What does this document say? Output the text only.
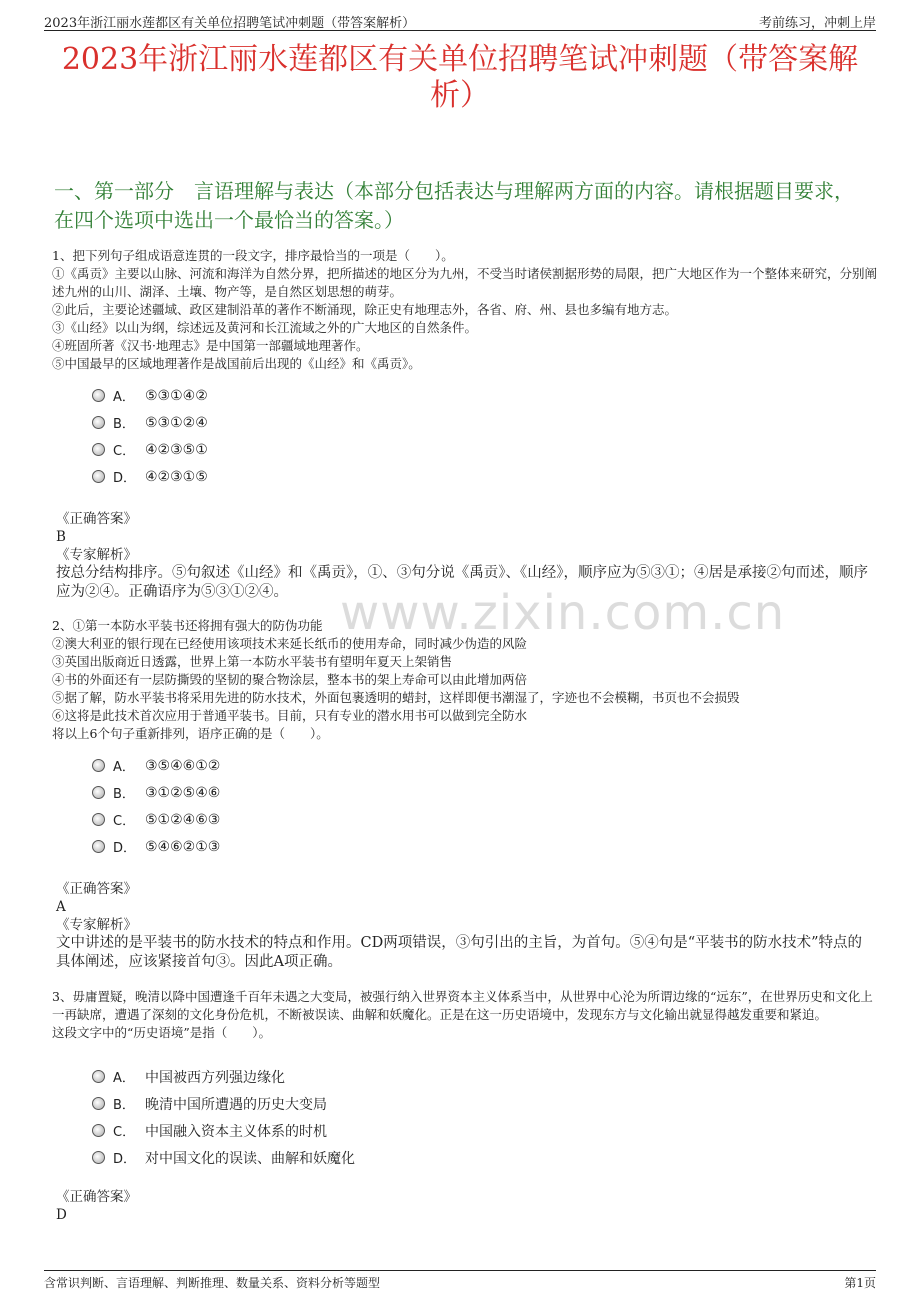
2023年浙江丽水莲都区有关单位招聘笔试冲刺题（带答案解析）	考前练习，冲刺上岸
2023年浙江丽水莲都区有关单位招聘笔试冲刺题（带答案解析）
一、第一部分　言语理解与表达（本部分包括表达与理解两方面的内容。请根据题目要求，在四个选项中选出一个最恰当的答案。）
www.zixin.com.cn

1、把下列句子组成语意连贯的一段文字，排序最恰当的一项是（　　）。

①《禹贡》主要以山脉、河流和海洋为自然分界，把所描述的地区分为九州，不受当时诸侯割据形势的局限，把广大地区作为一个整体来研究，分别阐述九州的山川、湖泽、土壤、物产等，是自然区划思想的萌芽。

②此后，主要论述疆域、政区建制沿革的著作不断涌现，除正史有地理志外，各省、府、州、县也多编有地方志。

③《山经》以山为纲，综述远及黄河和长江流域之外的广大地区的自然条件。

④班固所著《汉书·地理志》是中国第一部疆域地理著作。

⑤中国最早的区域地理著作是战国前后出现的《山经》和《禹贡》。

A． ⑤③①④②
B． ⑤③①②④
C． ④②③⑤①
D． ④②③①⑤

《正确答案》

B

《专家解析》

按总分结构排序。⑤句叙述《山经》和《禹贡》，①、③句分说《禹贡》、《山经》，顺序应为⑤③①；④居是承接②句而述，顺序应为②④。正确语序为⑤③①②④。

2、①第一本防水平装书还将拥有强大的防伪功能

②澳大利亚的银行现在已经使用该项技术来延长纸币的使用寿命，同时减少伪造的风险

③英国出版商近日透露，世界上第一本防水平装书有望明年夏天上架销售

④书的外面还有一层防撕毁的坚韧的聚合物涂层，整本书的架上寿命可以由此增加两倍

⑤据了解，防水平装书将采用先进的防水技术，外面包裹透明的蜡封，这样即便书潮湿了，字迹也不会模糊，书页也不会损毁

⑥这将是此技术首次应用于普通平装书。目前，只有专业的潜水用书可以做到完全防水

将以上6个句子重新排列，语序正确的是（　　）。

A． ③⑤④⑥①②
B． ③①②⑤④⑥
C． ⑤①②④⑥③
D． ⑤④⑥②①③

《正确答案》

A

《专家解析》

文中讲述的是平装书的防水技术的特点和作用。CD两项错误，③句引出的主旨，为首句。⑤④句是“平装书的防水技术”特点的具体阐述，应该紧接首句③。因此A项正确。

3、毋庸置疑，晚清以降中国遭逢千百年未遇之大变局，被强行纳入世界资本主义体系当中，从世界中心沦为所谓边缘的“远东”，在世界历史和文化上一再缺席，遭遇了深刻的文化身份危机，不断被误读、曲解和妖魔化。正是在这一历史语境中，发现东方与文化输出就显得越发重要和紧迫。

这段文字中的“历史语境”是指（　　）。

A． 中国被西方列强边缘化
B． 晚清中国所遭遇的历史大变局
C． 中国融入资本主义体系的时机
D． 对中国文化的误读、曲解和妖魔化

《正确答案》

D

含常识判断、言语理解、判断推理、数量关系、资料分析等题型	第1页
